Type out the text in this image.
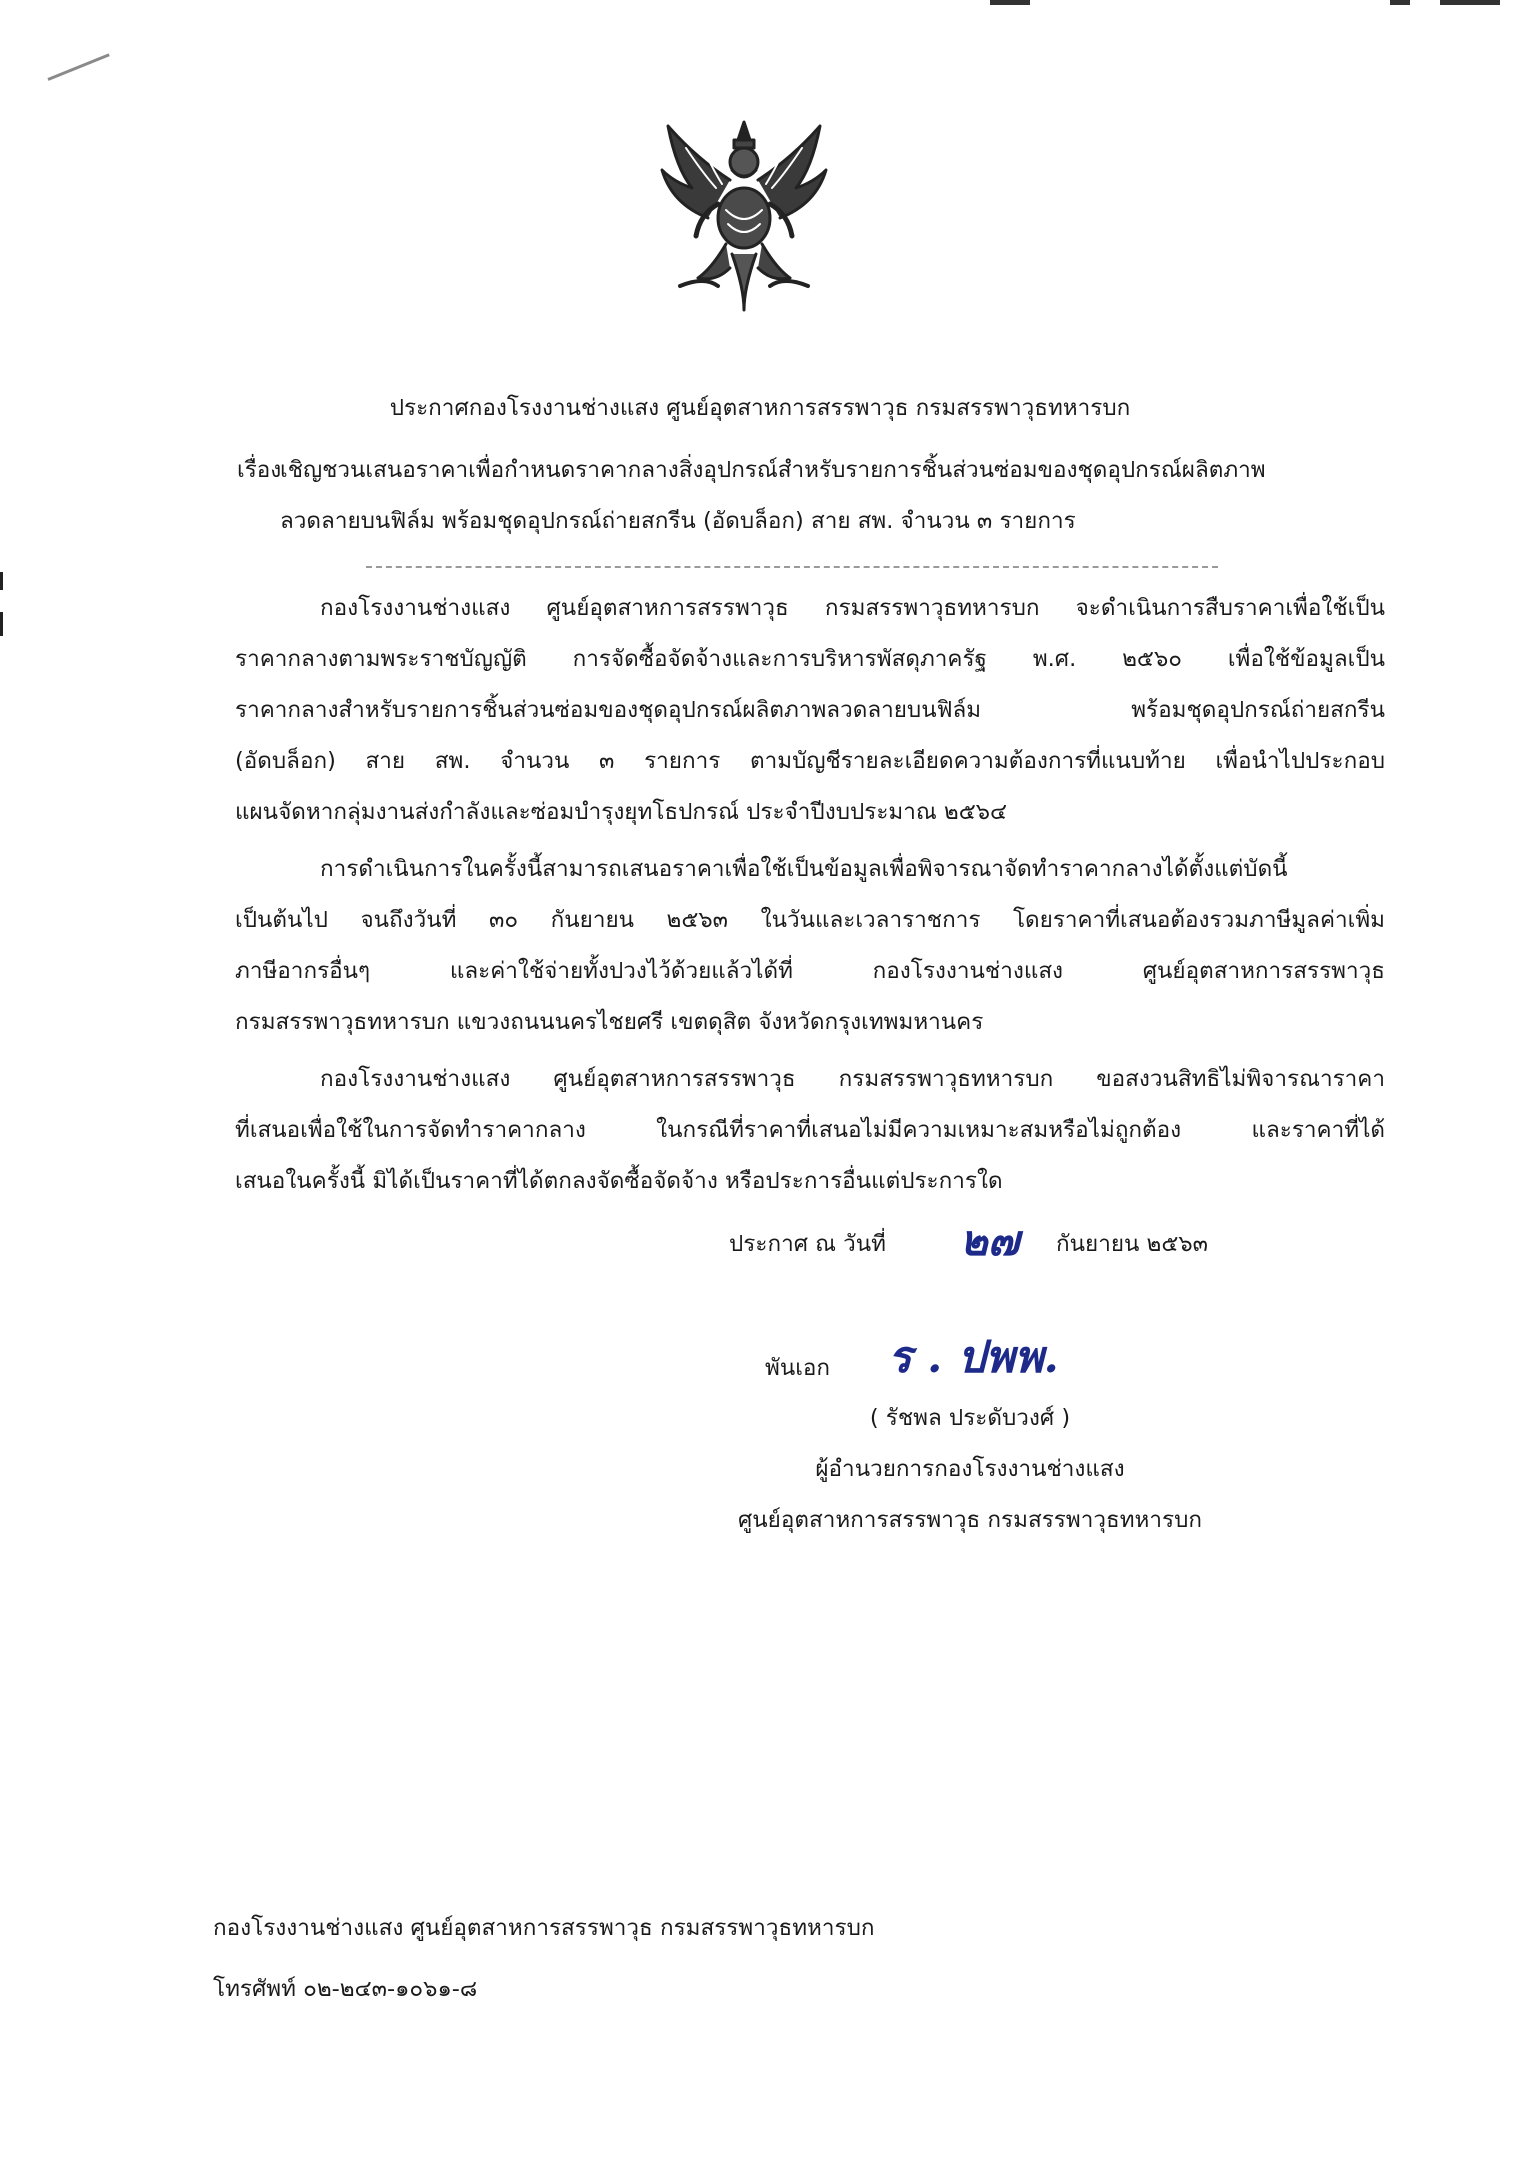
ประกาศกองโรงงานช่างแสง ศูนย์อุตสาหการสรรพาวุธ กรมสรรพาวุธทหารบก
เรื่อง
เชิญชวนเสนอราคาเพื่อกำหนดราคากลางสิ่งอุปกรณ์สำหรับรายการชิ้นส่วนซ่อมของชุดอุปกรณ์ผลิตภาพ
ลวดลายบนฟิล์ม พร้อมชุดอุปกรณ์ถ่ายสกรีน (อัดบล็อก) สาย สพ. จำนวน ๓ รายการ
กองโรงงานช่างแสง ศูนย์อุตสาหการสรรพาวุธ กรมสรรพาวุธทหารบก จะดำเนินการสืบราคาเพื่อใช้เป็น
ราคากลางตามพระราชบัญญัติ การจัดซื้อจัดจ้างและการบริหารพัสดุภาครัฐ พ.ศ. ๒๕๖๐ เพื่อใช้ข้อมูลเป็น
ราคากลางสำหรับรายการชิ้นส่วนซ่อมของชุดอุปกรณ์ผลิตภาพลวดลายบนฟิล์ม พร้อมชุดอุปกรณ์ถ่ายสกรีน
(อัดบล็อก) สาย สพ. จำนวน ๓ รายการ ตามบัญชีรายละเอียดความต้องการที่แนบท้าย เพื่อนำไปประกอบ
แผนจัดหากลุ่มงานส่งกำลังและซ่อมบำรุงยุทโธปกรณ์ ประจำปีงบประมาณ ๒๕๖๔
การดำเนินการในครั้งนี้สามารถเสนอราคาเพื่อใช้เป็นข้อมูลเพื่อพิจารณาจัดทำราคากลางได้ตั้งแต่บัดนี้
เป็นต้นไป จนถึงวันที่ ๓๐ กันยายน ๒๕๖๓ ในวันและเวลาราชการ โดยราคาที่เสนอต้องรวมภาษีมูลค่าเพิ่ม
ภาษีอากรอื่นๆ และค่าใช้จ่ายทั้งปวงไว้ด้วยแล้วได้ที่ กองโรงงานช่างแสง ศูนย์อุตสาหการสรรพาวุธ
กรมสรรพาวุธทหารบก แขวงถนนนครไชยศรี เขตดุสิต จังหวัดกรุงเทพมหานคร
กองโรงงานช่างแสง ศูนย์อุตสาหการสรรพาวุธ กรมสรรพาวุธทหารบก ขอสงวนสิทธิไม่พิจารณาราคา
ที่เสนอเพื่อใช้ในการจัดทำราคากลาง ในกรณีที่ราคาที่เสนอไม่มีความเหมาะสมหรือไม่ถูกต้อง และราคาที่ได้
เสนอในครั้งนี้ มิได้เป็นราคาที่ได้ตกลงจัดซื้อจัดจ้าง หรือประการอื่นแต่ประการใด
ประกาศ ณ วันที่ ๒๗ กันยายน ๒๕๖๓
พันเอก ร . ปพพ.
( รัชพล ประดับวงศ์ )
ผู้อำนวยการกองโรงงานช่างแสง
ศูนย์อุตสาหการสรรพาวุธ กรมสรรพาวุธทหารบก
กองโรงงานช่างแสง ศูนย์อุตสาหการสรรพาวุธ กรมสรรพาวุธทหารบก
โทรศัพท์ ๐๒-๒๔๓-๑๐๖๑-๘
